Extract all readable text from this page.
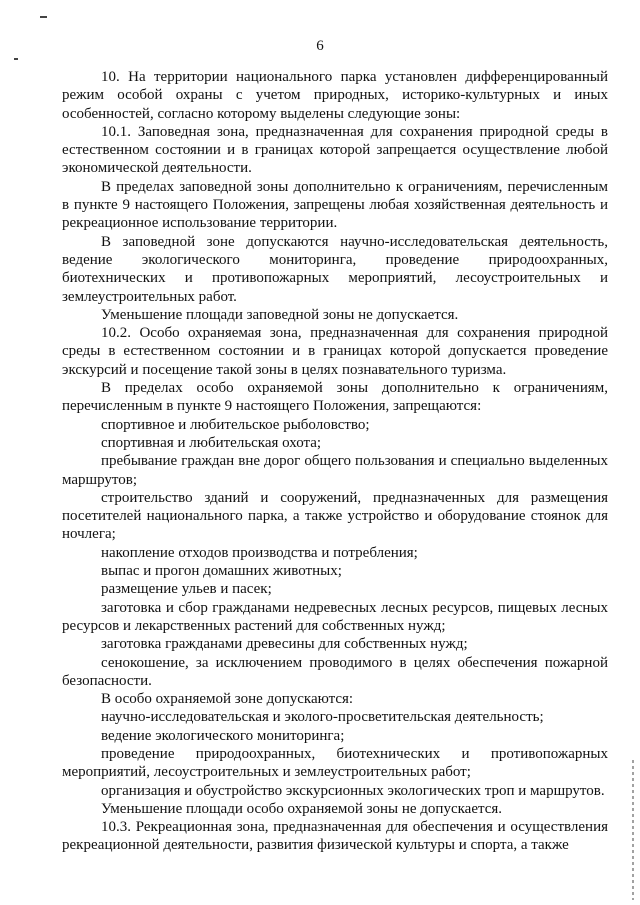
6

10. На территории национального парка установлен дифференцированный режим особой охраны с учетом природных, историко-культурных и иных особенностей, согласно которому выделены следующие зоны:

10.1. Заповедная зона, предназначенная для сохранения природной среды в естественном состоянии и в границах которой запрещается осуществление любой экономической деятельности.

В пределах заповедной зоны дополнительно к ограничениям, перечисленным в пункте 9 настоящего Положения, запрещены любая хозяйственная деятельность и рекреационное использование территории.

В заповедной зоне допускаются научно-исследовательская деятельность, ведение экологического мониторинга, проведение природоохранных, биотехнических и противопожарных мероприятий, лесоустроительных и землеустроительных работ.

Уменьшение площади заповедной зоны не допускается.

10.2. Особо охраняемая зона, предназначенная для сохранения природной среды в естественном состоянии и в границах которой допускается проведение экскурсий и посещение такой зоны в целях познавательного туризма.

В пределах особо охраняемой зоны дополнительно к ограничениям, перечисленным в пункте 9 настоящего Положения, запрещаются:

спортивное и любительское рыболовство;

спортивная и любительская охота;

пребывание граждан вне дорог общего пользования и специально выделенных маршрутов;

строительство зданий и сооружений, предназначенных для размещения посетителей национального парка, а также устройство и оборудование стоянок для ночлега;

накопление отходов производства и потребления;

выпас и прогон домашних животных;

размещение ульев и пасек;

заготовка и сбор гражданами недревесных лесных ресурсов, пищевых лесных ресурсов и лекарственных растений для собственных нужд;

заготовка гражданами древесины для собственных нужд;

сенокошение, за исключением проводимого в целях обеспечения пожарной безопасности.

В особо охраняемой зоне допускаются:

научно-исследовательская и эколого-просветительская деятельность;

ведение экологического мониторинга;

проведение природоохранных, биотехнических и противопожарных мероприятий, лесоустроительных и землеустроительных работ;

организация и обустройство экскурсионных экологических троп и маршрутов.

Уменьшение площади особо охраняемой зоны не допускается.

10.3. Рекреационная зона, предназначенная для обеспечения и осуществления рекреационной деятельности, развития физической культуры и спорта, а также
